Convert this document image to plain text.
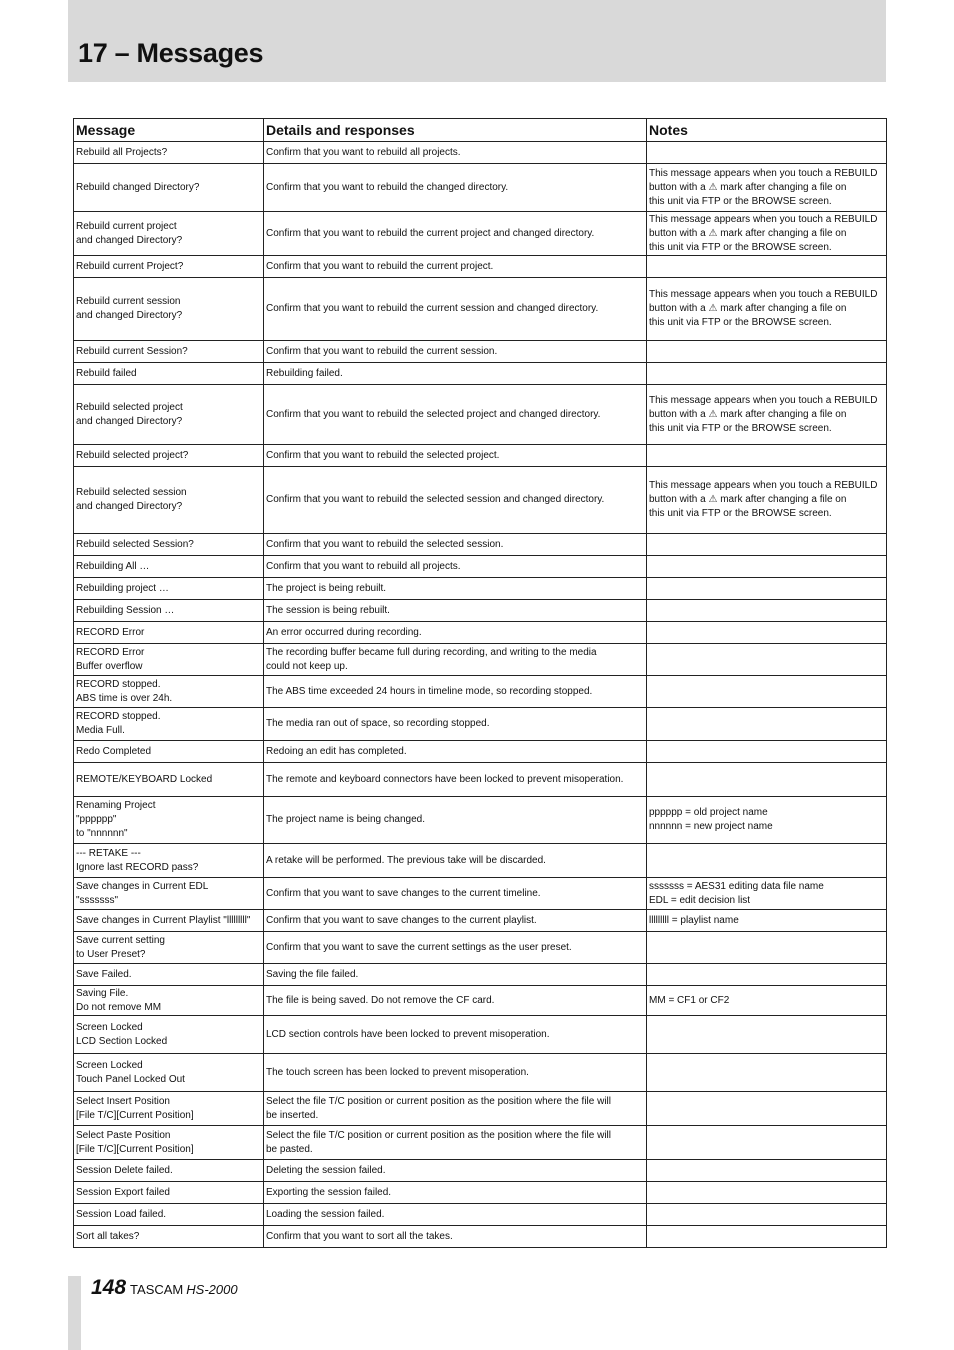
17 – Messages
Message	Details and responses	Notes
Rebuild all Projects?	Confirm that you want to rebuild all projects.	
Rebuild changed Directory?	Confirm that you want to rebuild the changed directory.	This message appears when you touch a REBUILD
button with a ⚠ mark after changing a file on
this unit via FTP or the BROWSE screen.
Rebuild current project
and changed Directory?	Confirm that you want to rebuild the current project and changed directory.	This message appears when you touch a REBUILD
button with a ⚠ mark after changing a file on
this unit via FTP or the BROWSE screen.
Rebuild current Project?	Confirm that you want to rebuild the current project.	
Rebuild current session
and changed Directory?	Confirm that you want to rebuild the current session and changed directory.	This message appears when you touch a REBUILD
button with a ⚠ mark after changing a file on
this unit via FTP or the BROWSE screen.
Rebuild current Session?	Confirm that you want to rebuild the current session.	
Rebuild failed	Rebuilding failed.	
Rebuild selected project
and changed Directory?	Confirm that you want to rebuild the selected project and changed directory.	This message appears when you touch a REBUILD
button with a ⚠ mark after changing a file on
this unit via FTP or the BROWSE screen.
Rebuild selected project?	Confirm that you want to rebuild the selected project.	
Rebuild selected session
and changed Directory?	Confirm that you want to rebuild the selected session and changed directory.	This message appears when you touch a REBUILD
button with a ⚠ mark after changing a file on
this unit via FTP or the BROWSE screen.
Rebuild selected Session?	Confirm that you want to rebuild the selected session.	
Rebuilding All …	Confirm that you want to rebuild all projects.	
Rebuilding project …	The project is being rebuilt.	
Rebuilding Session …	The session is being rebuilt.	
RECORD Error	An error occurred during recording.	
RECORD Error
Buffer overflow	The recording buffer became full during recording, and writing to the media
could not keep up.	
RECORD stopped.
ABS time is over 24h.	The ABS time exceeded 24 hours in timeline mode, so recording stopped.	
RECORD stopped.
Media Full.	The media ran out of space, so recording stopped.	
Redo Completed	Redoing an edit has completed.	
REMOTE/KEYBOARD Locked	The remote and keyboard connectors have been locked to prevent misoperation.	
Renaming Project
"pppppp"
to "nnnnnn"	The project name is being changed.	pppppp = old project name
nnnnnn = new project name
--- RETAKE ---
Ignore last RECORD pass?	A retake will be performed. The previous take will be discarded.	
Save changes in Current EDL
"sssssss"	Confirm that you want to save changes to the current timeline.	sssssss = AES31 editing data file name
EDL = edit decision list
Save changes in Current Playlist "lllllllll"	Confirm that you want to save changes to the current playlist.	lllllllll = playlist name
Save current setting
to User Preset?	Confirm that you want to save the current settings as the user preset.	
Save Failed.	Saving the file failed.	
Saving File.
Do not remove MM	The file is being saved. Do not remove the CF card.	MM = CF1 or CF2
Screen Locked
LCD Section Locked	LCD section controls have been locked to prevent misoperation.	
Screen Locked
Touch Panel Locked Out	The touch screen has been locked to prevent misoperation.	
Select Insert Position
[File T/C][Current Position]	Select the file T/C position or current position as the position where the file will
be inserted.	
Select Paste Position
[File T/C][Current Position]	Select the file T/C position or current position as the position where the file will
be pasted.	
Session Delete failed.	Deleting the session failed.	
Session Export failed	Exporting the session failed.	
Session Load failed.	Loading the session failed.	
Sort all takes?	Confirm that you want to sort all the takes.	
148 TASCAM HS-2000
